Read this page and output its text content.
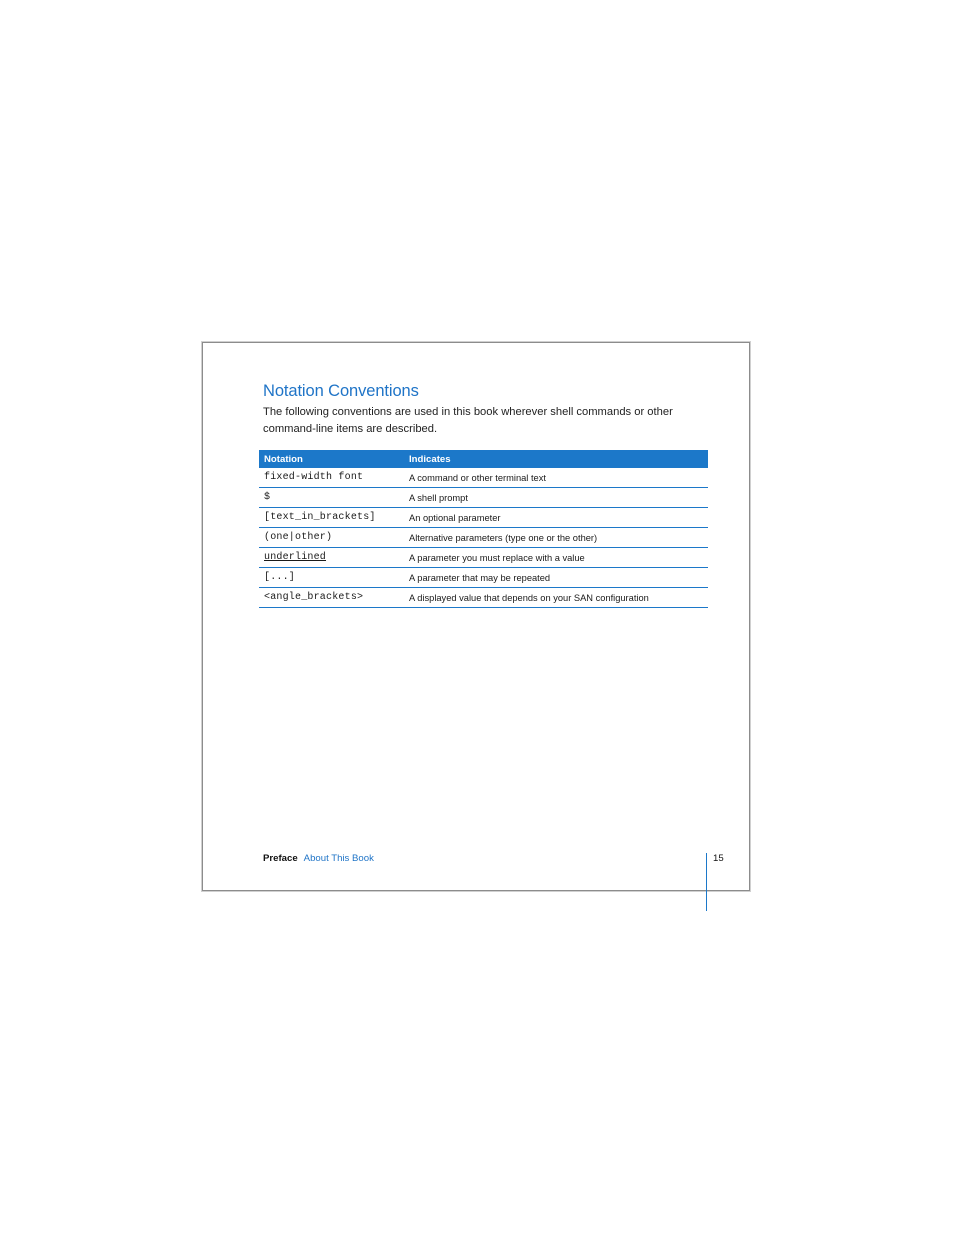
Notation Conventions
The following conventions are used in this book wherever shell commands or other command-line items are described.
Notation	Indicates
fixed-width font	A command or other terminal text
$	A shell prompt
[text_in_brackets]	An optional parameter
(one|other)	Alternative parameters (type one or the other)
underlined	A parameter you must replace with a value
[...]	A parameter that may be repeated
<angle_brackets>	A displayed value that depends on your SAN configuration
Preface About This Book	15
